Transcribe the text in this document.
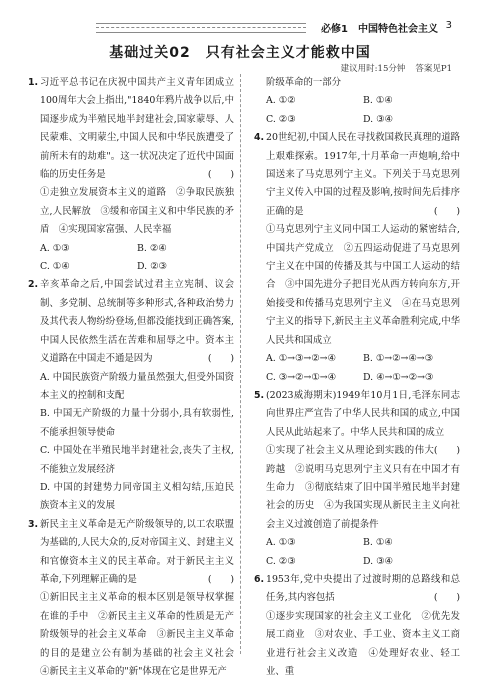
必修1　中国特色社会主义 3
基础过关02　只有社会主义才能救中国
建议用时:15分钟 答案见P1
1. 习近平总书记在庆祝中国共产主义青年团成立100周年大会上指出,"1840年鸦片战争以后,中国逐步成为半殖民地半封建社会,国家蒙辱、人民蒙难、文明蒙尘,中国人民和中华民族遭受了前所未有的劫难"。这一状况决定了近代中国面临的历史任务是	(　　)

①走独立发展资本主义的道路　②争取民族独立,人民解放　③缓和帝国主义和中华民族的矛盾　④实现国家富强、人民幸福

A. ①③	B. ②④
C. ①④	D. ②③
2. 辛亥革命之后,中国尝试过君主立宪制、议会制、多党制、总统制等多种形式,各种政治势力及其代表人物纷纷登场,但都没能找到正确答案,中国人民依然生活在苦难和屈辱之中。资本主义道路在中国走不通是因为	(　　)

A. 中国民族资产阶级力量虽然强大,但受外国资本主义的控制和支配

B. 中国无产阶级的力量十分弱小,具有软弱性,不能承担领导使命

C. 中国处在半殖民地半封建社会,丧失了主权,不能独立发展经济

D. 中国的封建势力同帝国主义相勾结,压迫民族资本主义的发展

3. 新民主主义革命是无产阶级领导的,以工农联盟为基础的,人民大众的,反对帝国主义、封建主义和官僚资本主义的民主革命。对于新民主主义革命,下列理解正确的是	(　　)

①新旧民主主义革命的根本区别是领导权掌握在谁的手中　②新民主主义革命的性质是无产阶级领导的社会主义革命　③新民主主义革命的目的是建立公有制为基础的社会主义社会　④新民主主义革命的"新"体现在它是世界无产

阶级革命的一部分

A. ①②	B. ①④
C. ②③	D. ③④
4. 20世纪初,中国人民在寻找救国救民真理的道路上艰难探索。1917年,十月革命一声炮响,给中国送来了马克思列宁主义。下列关于马克思列宁主义传入中国的过程及影响,按时间先后排序正确的是	(　　)

①马克思列宁主义同中国工人运动的紧密结合,中国共产党成立　②五四运动促进了马克思列宁主义在中国的传播及其与中国工人运动的结合　③中国先进分子把目光从西方转向东方,开始接受和传播马克思列宁主义　④在马克思列宁主义的指导下,新民主主义革命胜利完成,中华人民共和国成立

A. ①→③→②→④	B. ①→②→④→③
C. ③→②→①→④	D. ④→①→②→③
5. (2023威海期末)1949年10月1日,毛泽东同志向世界庄严宣告了中华人民共和国的成立,中国人民从此站起来了。中华人民共和国的成立
(　　)

①实现了社会主义从理论到实践的伟大跨越　②说明马克思列宁主义只有在中国才有生命力　③彻底结束了旧中国半殖民地半封建社会的历史　④为我国实现从新民主主义向社会主义过渡创造了前提条件

A. ①③	B. ①④
C. ②③	D. ③④
6. 1953年,党中央提出了过渡时期的总路线和总任务,其内容包括	(　　)

①逐步实现国家的社会主义工业化　②优先发展工商业　③对农业、手工业、资本主义工商业进行社会主义改造　④处理好农业、轻工业、重
